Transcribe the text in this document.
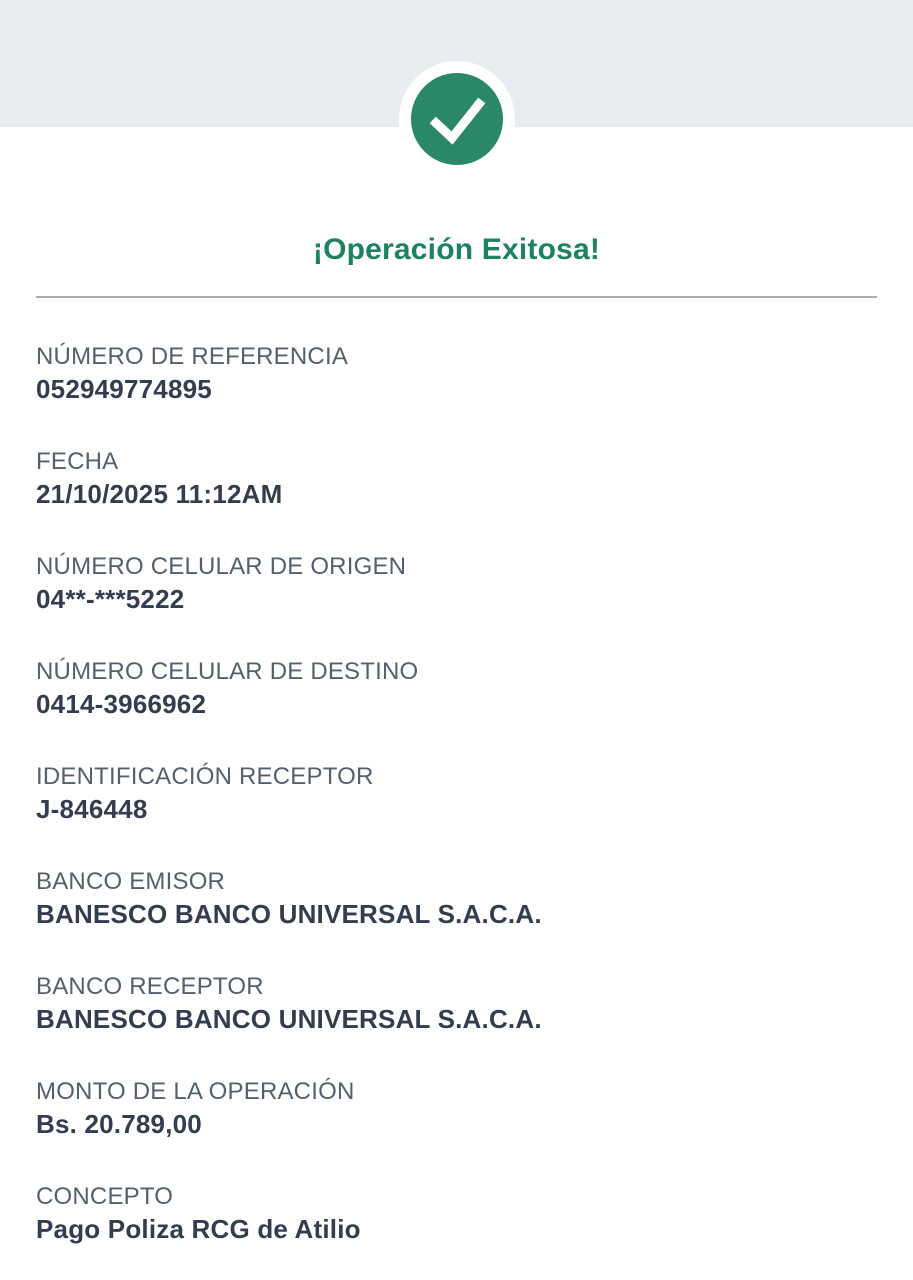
¡Operación Exitosa!
NÚMERO DE REFERENCIA
052949774895
FECHA
21/10/2025 11:12AM
NÚMERO CELULAR DE ORIGEN
04**-***5222
NÚMERO CELULAR DE DESTINO
0414-3966962
IDENTIFICACIÓN RECEPTOR
J-846448
BANCO EMISOR
BANESCO BANCO UNIVERSAL S.A.C.A.
BANCO RECEPTOR
BANESCO BANCO UNIVERSAL S.A.C.A.
MONTO DE LA OPERACIÓN
Bs. 20.789,00
CONCEPTO
Pago Poliza RCG de Atilio
